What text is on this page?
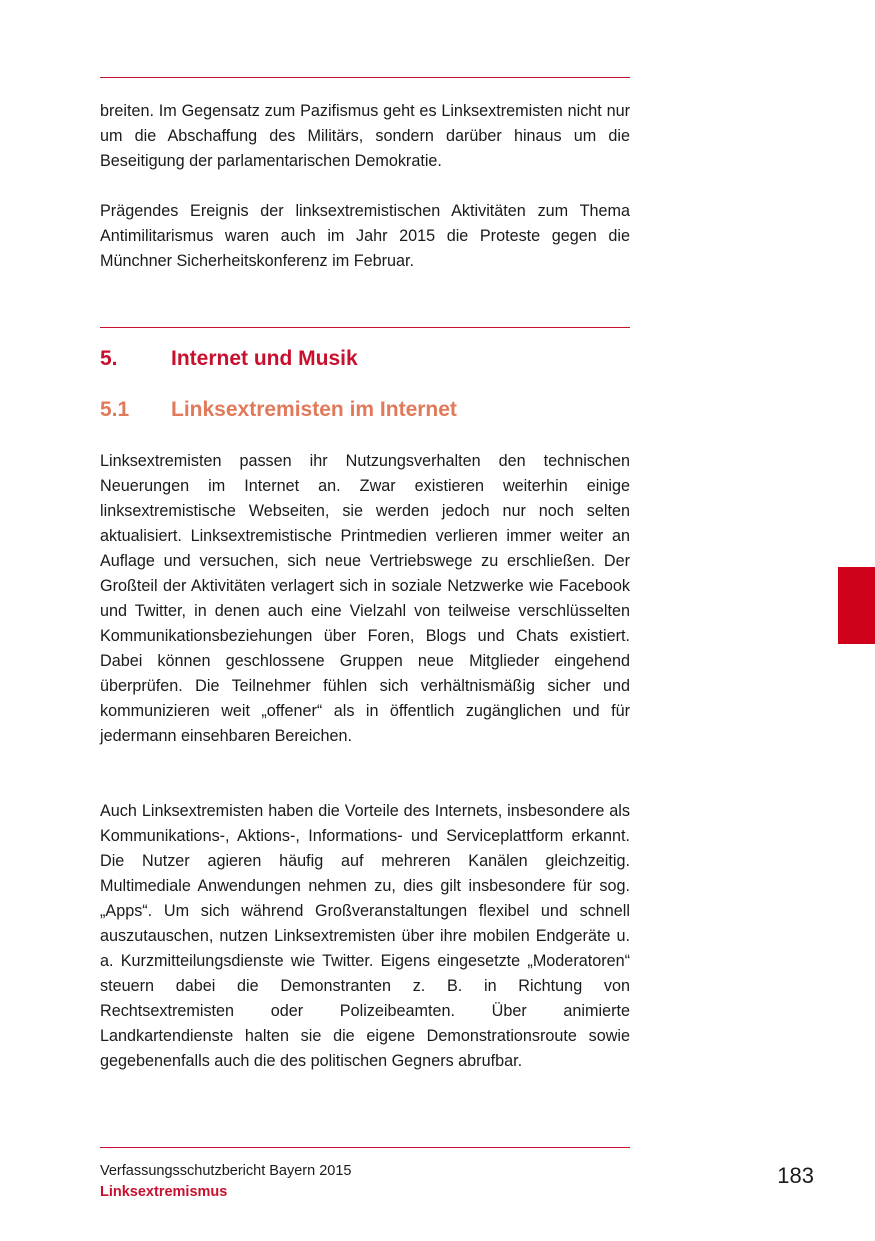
breiten. Im Gegensatz zum Pazifismus geht es Linksextremisten nicht nur um die Abschaffung des Militärs, sondern darüber hinaus um die Beseitigung der parlamentarischen Demokratie.

Prägendes Ereignis der linksextremistischen Aktivitäten zum Thema Antimilitarismus waren auch im Jahr 2015 die Proteste gegen die Münchner Sicherheitskonferenz im Februar.

5.	Internet und Musik
5.1 Linksextremisten im Internet

Linksextremisten passen ihr Nutzungsverhalten den technischen Neuerungen im Internet an. Zwar existieren weiterhin einige linksextremistische Webseiten, sie werden jedoch nur noch selten aktualisiert. Linksextremistische Printmedien verlieren immer weiter an Auflage und versuchen, sich neue Vertriebswege zu erschließen. Der Großteil der Aktivitäten verlagert sich in soziale Netzwerke wie Facebook und Twitter, in denen auch eine Vielzahl von teilweise verschlüsselten Kommunikationsbeziehungen über Foren, Blogs und Chats existiert. Dabei können geschlossene Gruppen neue Mitglieder eingehend überprüfen. Die Teilnehmer fühlen sich verhältnismäßig sicher und kommunizieren weit „offener“ als in öffentlich zugänglichen und für jedermann einsehbaren Bereichen.

Auch Linksextremisten haben die Vorteile des Internets, insbesondere als Kommunikations-, Aktions-, Informations- und Serviceplattform erkannt. Die Nutzer agieren häufig auf mehreren Kanälen gleichzeitig. Multimediale Anwendungen nehmen zu, dies gilt insbesondere für sog. „Apps“. Um sich während Großveranstaltungen flexibel und schnell auszutauschen, nutzen Linksextremisten über ihre mobilen Endgeräte u. a. Kurzmitteilungsdienste wie Twitter. Eigens eingesetzte „Moderatoren“ steuern dabei die Demonstranten z. B. in Richtung von Rechtsextremisten oder Polizeibeamten. Über animierte Landkartendienste halten sie die eigene Demonstrationsroute sowie gegebenenfalls auch die des politischen Gegners abrufbar.

Verfassungsschutzbericht Bayern 2015
Linksextremismus
183
